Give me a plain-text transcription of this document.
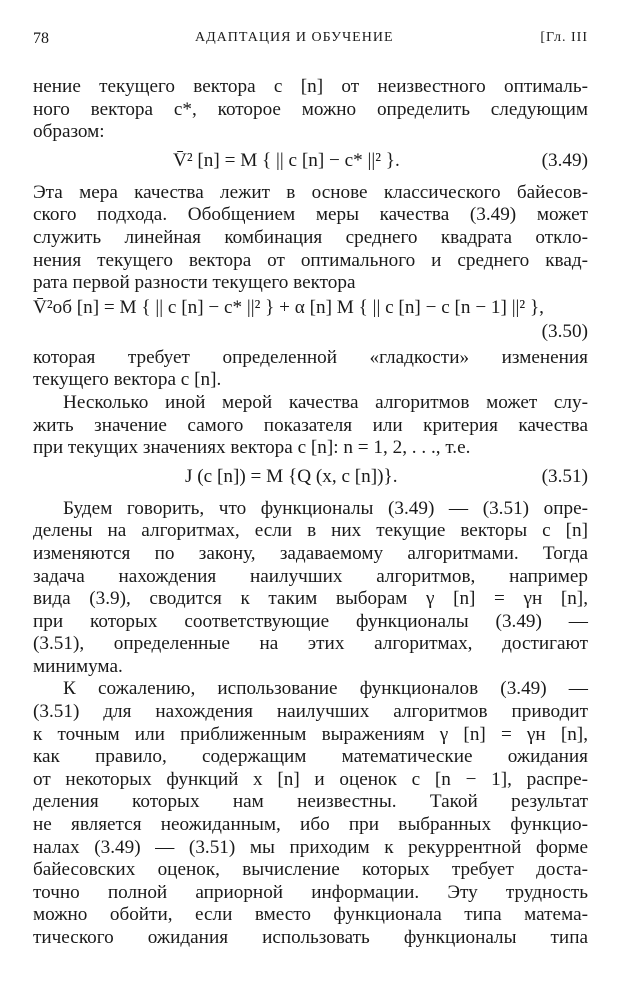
78	АДАПТАЦИЯ И ОБУЧЕНИЕ	[Гл. III
нение текущего вектора c [n] от неизвестного оптималь-
ного вектора c*, которое можно определить следующим
образом:
V̄² [n] = M { || c [n] − c* ||² }.	(3.49)
Эта мера качества лежит в основе классического байесов-
ского подхода. Обобщением меры качества (3.49) может
служить линейная комбинация среднего квадрата откло-
нения текущего вектора от оптимального и среднего квад-
рата первой разности текущего вектора
V̄²об [n] = M { || c [n] − c* ||² } + α [n] M { || c [n] − c [n − 1] ||² },
(3.50)
которая требует определенной «гладкости» изменения
текущего вектора c [n].
Несколько иной мерой качества алгоритмов может слу-
жить значение самого показателя или критерия качества
при текущих значениях вектора c [n]: n = 1, 2, . . ., т.е.
J (c [n]) = M {Q (x, c [n])}.	(3.51)
Будем говорить, что функционалы (3.49) — (3.51) опре-
делены на алгоритмах, если в них текущие векторы c [n]
изменяются по закону, задаваемому алгоритмами. Тогда
задача нахождения наилучших алгоритмов, например
вида (3.9), сводится к таким выборам γ [n] = γн [n],
при которых соответствующие функционалы (3.49) —
(3.51), определенные на этих алгоритмах, достигают
минимума.
К сожалению, использование функционалов (3.49) —
(3.51) для нахождения наилучших алгоритмов приводит
к точным или приближенным выражениям γ [n] = γн [n],
как правило, содержащим математические ожидания
от некоторых функций x [n] и оценок c [n − 1], распре-
деления которых нам неизвестны. Такой результат
не является неожиданным, ибо при выбранных функцио-
налах (3.49) — (3.51) мы приходим к рекуррентной форме
байесовских оценок, вычисление которых требует доста-
точно полной априорной информации. Эту трудность
можно обойти, если вместо функционала типа матема-
тического ожидания использовать функционалы типа
